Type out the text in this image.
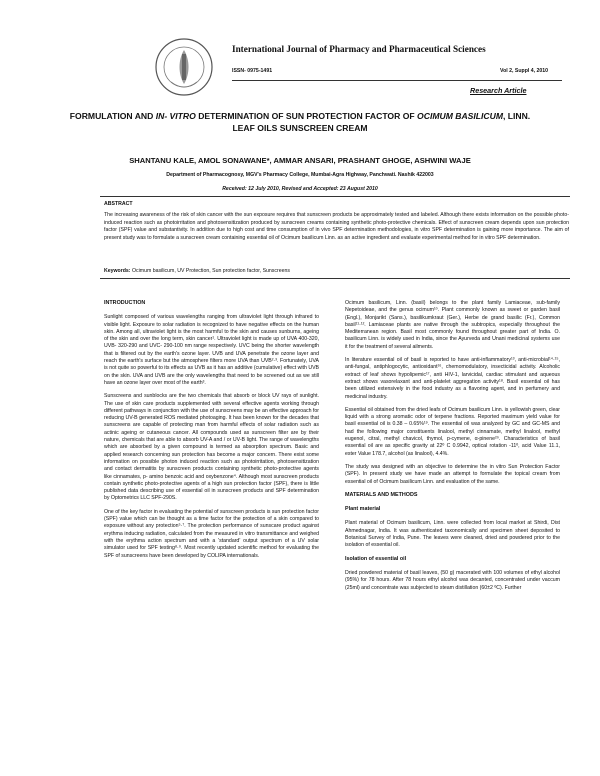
International Journal of Pharmacy and Pharmaceutical Sciences
ISSN- 0975-1491	Vol 2, Suppl 4, 2010
Research Article
FORMULATION AND IN- VITRO DETERMINATION OF SUN PROTECTION FACTOR OF OCIMUM BASILICUM, LINN. LEAF OILS SUNSCREEN CREAM
SHANTANU KALE, AMOL SONAWANE*, AMMAR ANSARI, PRASHANT GHOGE, ASHWINI WAJE
Department of Pharmacognosy, MGV's Pharmacy College, Mumbai-Agra Highway, Panchwati. Nashik 422003
Received: 12 July 2010, Revised and Accepted: 23 August 2010
ABSTRACT
The increasing awareness of the risk of skin cancer with the sun exposure requires that sunscreen products be approximately tested and labeled. Although there exists information on the possible photo-induced reaction such as photoirritation and photosensitization produced by sunscreen creams containing synthetic photo-protective chemicals. Effect of sunscreen cream depends upon sun protection factor (SPF) value and substantivity. In addition due to high cost and time consumption of in vivo SPF determination methodologies, in vitro SPF determination is gaining more importance. The aim of present study was to formulate a sunscreen cream containing essential oil of Ocimum basilicum Linn. as an active ingredient and evaluate experimental method for in vitro SPF determination.
Keywords: Ocimum basilicum, UV Protection, Sun protection factor, Sunscreens
INTRODUCTION

Sunlight composed of various wavelengths ranging from ultraviolet light through infrared to visible light. Exposure to solar radiation is recognized to have negative effects on the human skin. Among all, ultraviolet light is the most harmful to the skin and causes sunburns, ageing of the skin and over the long term, skin cancer¹. Ultraviolet light is made up of UVA 400-320, UVB- 320-290 and UVC- 290-100 nm range respectively. UVC being the shorter wavelength that is filtered out by the earth's ozone layer. UVB and UVA penetrate the ozone layer and reach the earth's surface but the atmosphere filters more UVA than UVB²·³. Fortunately, UVA is not quite so powerful to its effects as UVB as it has an additive (cumulative) effect with UVB on the skin. UVA and UVB are the only wavelengths that need to be screened out as we still have an ozone layer over most of the earth³.

Sunscreens and sunblocks are the two chemicals that absorb or block UV rays of sunlight. The use of skin care products supplemented with several effective agents working through different pathways in conjunction with the use of sunscreens may be an effective approach for reducing UV-B generated ROS mediated photoaging. It has been known for the decades that sunscreens are capable of protecting man from harmful effects of solar radiation such as actinic ageing or cutaneous cancer. All compounds used as sunscreen filter are by their nature, chemicals that are able to absorb UV-A and / or UV-B light. The range of wavelengths which are absorbed by a given compound is termed as absorption spectrum. Basic and applied research concerning sun protection has become a major concern. There exist some information on possible photon induced reaction such as photoirritation, photosensitization and contact dermatitis by sunscreen products containing synthetic photo-protective agents like cinnamates, p- amino benzoic acid and oxybenzone⁴. Although most sunscreen products contain synthetic photo-protective agents of a high sun protection factor (SPF), there is little published data describing use of essential oil in sunscreen products and SPF determination by Optometrics LLC SPF-290S.

One of the key factor in evaluating the potential of sunscreen products is sun protection factor (SPF) value which can be thought as a time factor for the protection of a skin compared to exposure without any protection⁵·⁷. The protection performance of sunscare product against erythma inducing radiation, calculated from the measured in vitro transmittance and weighed with the erythma action spectrum and with a 'standard' output spectrum of a UV solar simulator used for SPF testing⁸·⁹. Most recently updated scientific method for evaluating the SPF of sunscreens have been developed by COLIPA internationals.

Ocimum basilicum, Linn. (basil) belongs to the plant family Lamiaceae, sub-family Nepetoideae, and the genus ocimum¹⁰. Plant commonly known as sweet or garden basil (Engl.), Monjarikt (Sans.), basilikumkraut (Ger.), Herbe de grand basilic (Fr.), Common basil¹¹·¹². Lamiaceae plants are native through the subtropics, especially throughout the Mediterranean region. Basil most commonly found throughout greater part of India. O. basilicum Linn. is widely used in India, since the Ayurveda and Unani medicinal systems use it for the treatment of several ailments.

In literature essential oil of basil is reported to have anti-inflammatory¹³, anti-microbial¹⁴·¹⁵, anti-fungal, antiphlogocytic, antioxidant¹⁶, chemomodulatory, insecticidal activity. Alcoholic extract of leaf shows hypolipemic¹⁷, anti HIV-1, larvicidal, cardiac stimulant and aqueous extract shows vasorelaxant and anti-platelet aggregation activity¹⁸. Basil essential oil has been utilized extensively in the food industry as a flavoring agent, and in perfumery and medicinal industry.

Essential oil obtained from the dried leafs of Ocimum basilicum Linn. is yellowish green, clear liquid with a strong aromatic odor of terpene fractions. Reported maximum yield value for basil essential oil is 0.38 – 0.65%¹⁹. The essential oil was analyzed by GC and GC-MS and had the following major constituents linalool, methyl cinnamate, methyl linalool, methyl eugenol, citral, methyl chavicol, thymol, p-cymene, α-pinene²⁰. Characteristics of basil essential oil are as specific gravity at 22º C 0.9942, optical rotation -11º, acid Value 11.1, ester Value 178.7, alcohol (as linalool), 4.4%.

The study was designed with an objective to determine the in vitro Sun Protection Factor (SPF). In present study we have made an attempt to formulate the topical cream from essential oil of Ocimum basilicum Linn. and evaluation of the same.

MATERIALS AND METHODS
Plant material

Plant material of Ocimum basilicum, Linn. were collected from local market at Shirdi, Dist Ahmednagar, India. It was authenticated taxonomically and specimen sheet deposited to Botanical Survey of India, Pune. The leaves were cleaned, dried and powdered prior to the isolation of essential oil.

Isolation of essential oil

Dried powdered material of basil leaves, (50 g) macerated with 100 volumes of ethyl alcohol (95%) for 78 hours. After 78 hours ethyl alcohol was decanted, concentrated under vaccum (25ml) and concentrate was subjected to steam distillation (60±2 ºC). Further
